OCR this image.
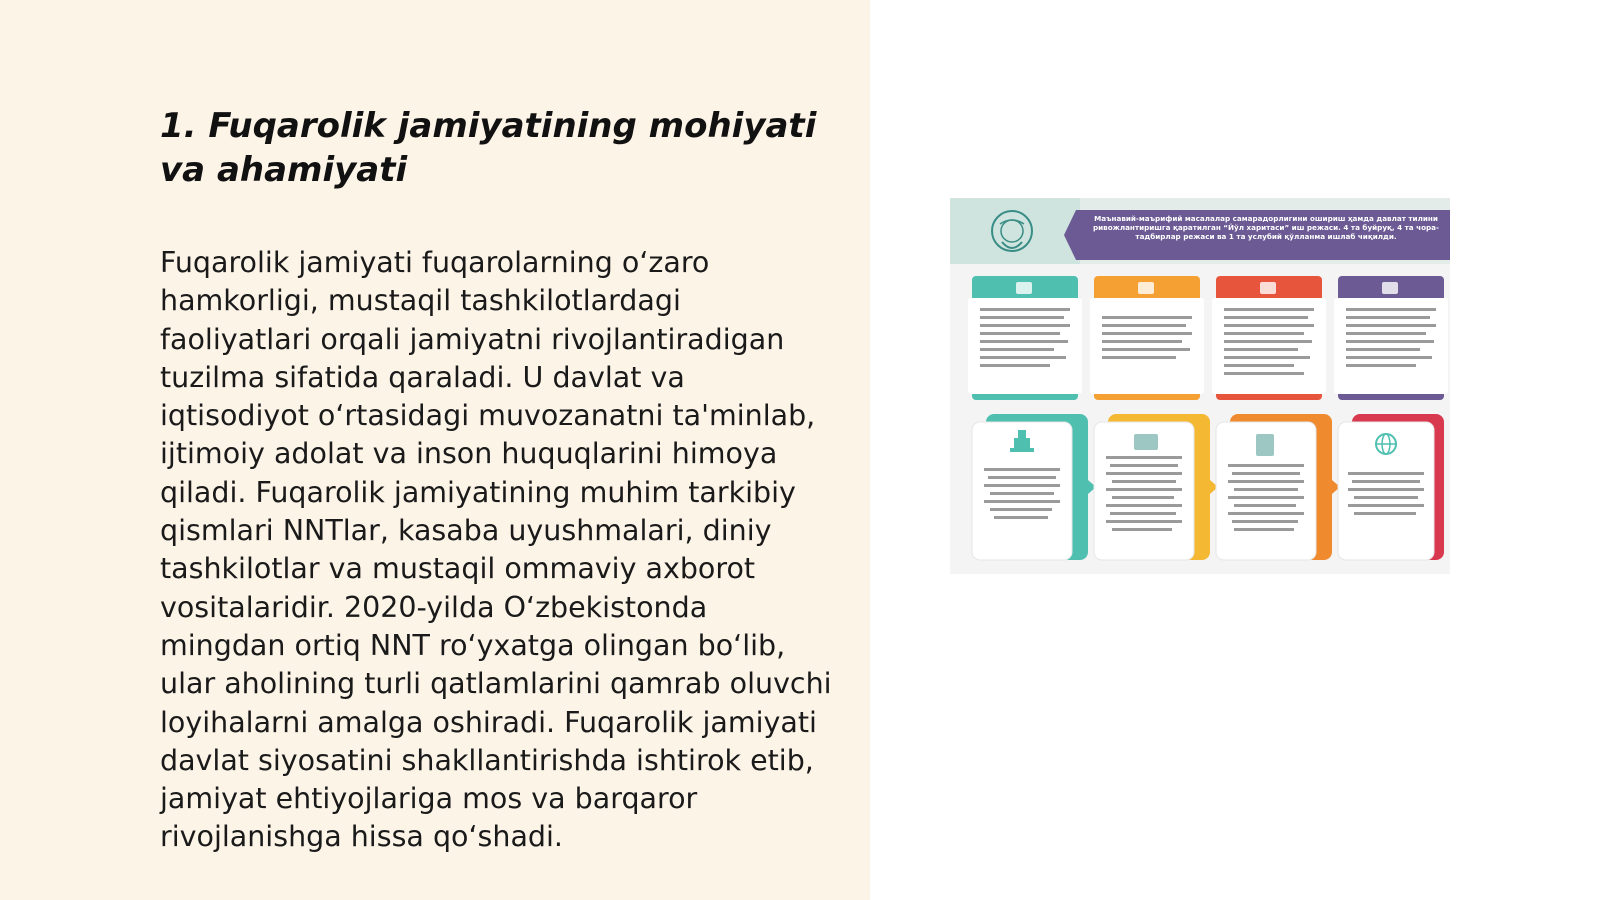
1. Fuqarolik jamiyatining mohiyati va ahamiyati

Fuqarolik jamiyati fuqarolarning o‘zaro hamkorligi, mustaqil tashkilotlardagi faoliyatlari orqali jamiyatni rivojlantiradigan tuzilma sifatida qaraladi. U davlat va iqtisodiyot o‘rtasidagi muvozanatni ta'minlab, ijtimoiy adolat va inson huquqlarini himoya qiladi. Fuqarolik jamiyatining muhim tarkibiy qismlari NNTlar, kasaba uyushmalari, diniy tashkilotlar va mustaqil ommaviy axborot vositalaridir. 2020-yilda O‘zbekistonda mingdan ortiq NNT ro‘yxatga olingan bo‘lib, ular aholining turli qatlamlarini qamrab oluvchi loyihalarni amalga oshiradi. Fuqarolik jamiyati davlat siyosatini shakllantirishda ishtirok etib, jamiyat ehtiyojlariga mos va barqaror rivojlanishga hissa qo‘shadi.

Маънавий-маърифий масалалар самарадорлигини ошириш ҳамда давлат тилини ривожлантиришга қаратилган “Йўл харитаси” иш режаси. 4 та буйруқ, 4 та чора-тадбирлар режаси ва 1 та услубий қўлланма ишлаб чиқилди.
